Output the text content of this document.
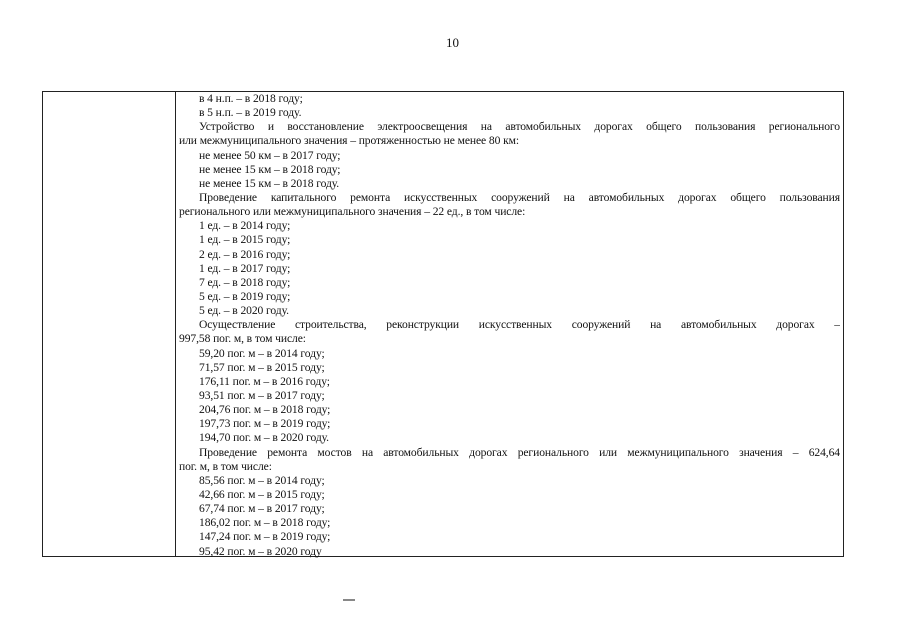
10
в 4 н.п. – в 2018 году;
в 5 н.п. – в 2019 году.
Устройство и восстановление электроосвещения на автомобильных дорогах общего пользования регионального
или межмуниципального значения – протяженностью не менее 80 км:
не менее 50 км – в 2017 году;
не менее 15 км – в 2018 году;
не менее 15 км – в 2018 году.
Проведение капитального ремонта искусственных сооружений на автомобильных дорогах общего пользования
регионального или межмуниципального значения – 22 ед., в том числе:
1 ед. – в 2014 году;
1 ед. – в 2015 году;
2 ед. – в 2016 году;
1 ед. – в 2017 году;
7 ед. – в 2018 году;
5 ед. – в 2019 году;
5 ед. – в 2020 году.
Осуществление строительства, реконструкции искусственных сооружений на автомобильных дорогах –
997,58 пог. м, в том числе:
59,20 пог. м – в 2014 году;
71,57 пог. м – в 2015 году;
176,11 пог. м – в 2016 году;
93,51 пог. м – в 2017 году;
204,76 пог. м – в 2018 году;
197,73 пог. м – в 2019 году;
194,70 пог. м – в 2020 году.
Проведение ремонта мостов на автомобильных дорогах регионального или межмуниципального значения – 624,64
пог. м, в том числе:
85,56 пог. м – в 2014 году;
42,66 пог. м – в 2015 году;
67,74 пог. м – в 2017 году;
186,02 пог. м – в 2018 году;
147,24 пог. м – в 2019 году;
95,42 пог. м – в 2020 году
